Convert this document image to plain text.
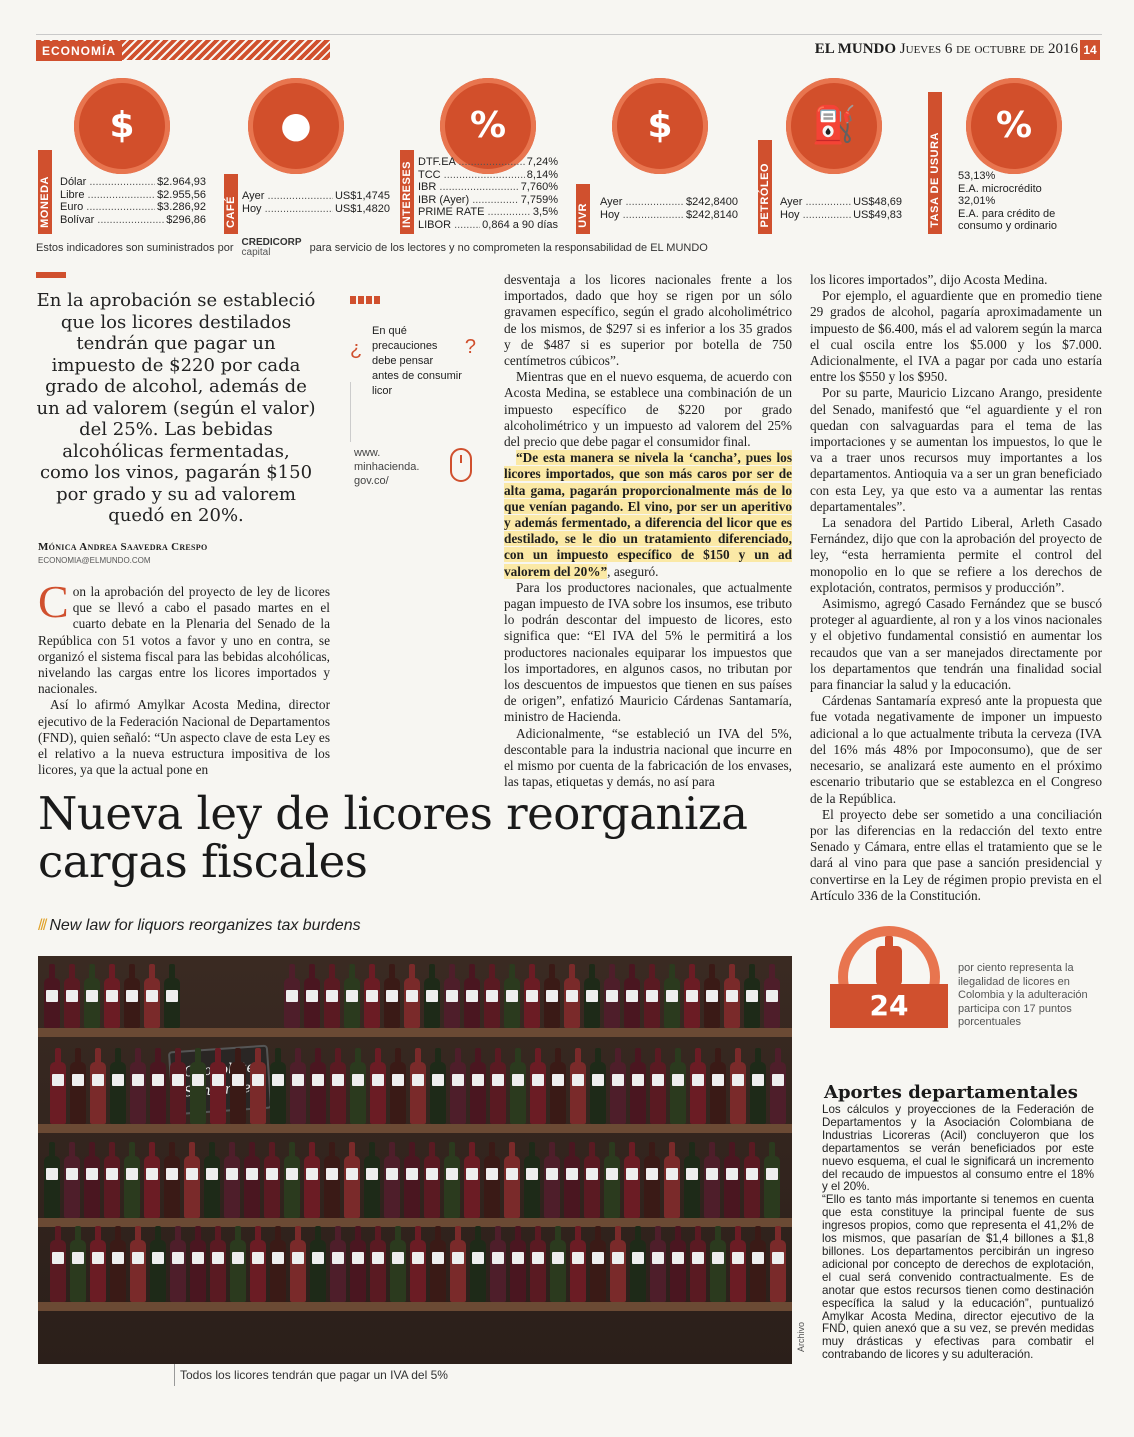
ECONOMÍA	EL MUNDO Jueves 6 de octubre de 2016 14
MONEDA
$
Dólar .....	$2.964,93
Libre .....	$2.955,56
Euro .....	$3.286,92
Bolívar .....	$296,86 CAFÉ
●
Ayer .....	US$1,4745
Hoy .....	US$1,4820 INTERESES
%
DTF.EA .....	7,24%
TCC .....	8,14%
IBR .....	7,760%
IBR (Ayer) .....	7,759%
PRIME RATE .....	3,5%
LIBOR .....	0,864 a 90 días UVR
$
Ayer .....	$242,8400
Hoy .....	$242,8140 PETRÓLEO
⛽
Ayer .....	US$48,69
Hoy .....	US$49,83 TASA DE USURA
%
53,13%
E.A. microcrédito
32,01%
E.A. para crédito de
consumo y ordinario
Estos indicadores son suministrados por CREDICORP
capital	para servicio de los lectores y no comprometen la responsabilidad de EL MUNDO
En la aprobación se estableció que los licores destilados tendrán que pagar un impuesto de $220 por cada grado de alcohol, además de un ad valorem (según el valor) del 25%. Las bebidas alcohólicas fermentadas, como los vinos, pagarán $150 por grado y su ad valorem quedó en 20%.
¿
En qué precauciones debe pensar antes de consumir licor
?
www.
minhacienda.
gov.co/
Mónica Andrea Saavedra Crespo
ECONOMIA@ELMUNDO.COM

Con la aprobación del proyecto de ley de licores que se llevó a cabo el pasado martes en el cuarto debate en la Plenaria del Senado de la República con 51 votos a favor y uno en contra, se organizó el sistema fiscal para las bebidas alcohólicas, nivelando las cargas entre los licores importados y nacionales.

Así lo afirmó Amylkar Acosta Medina, director ejecutivo de la Federación Nacional de Departamentos (FND), quien señaló: “Un aspecto clave de esta Ley es el relativo a la nueva estructura impositiva de los licores, ya que la actual pone en

desventaja a los licores nacionales frente a los importados, dado que hoy se rigen por un sólo gravamen específico, según el grado alcoholimétrico de los mismos, de $297 si es inferior a los 35 grados y de $487 si es superior por botella de 750 centímetros cúbicos”.

Mientras que en el nuevo esquema, de acuerdo con Acosta Medina, se establece una combinación de un impuesto específico de $220 por grado alcoholimétrico y un impuesto ad valorem del 25% del precio que debe pagar el consumidor final.

“De esta manera se nivela la ‘cancha’, pues los licores importados, que son más caros por ser de alta gama, pagarán proporcionalmente más de lo que venían pagando. El vino, por ser un aperitivo y además fermentado, a diferencia del licor que es destilado, se le dio un tratamiento diferenciado, con un impuesto específico de $150 y un ad valorem del 20%”, aseguró.

Para los productores nacionales, que actualmente pagan impuesto de IVA sobre los insumos, ese tributo lo podrán descontar del impuesto de licores, esto significa que: “El IVA del 5% le permitirá a los productores nacionales equiparar los impuestos que los importadores, en algunos casos, no tributan por los descuentos de impuestos que tienen en sus países de origen”, enfatizó Mauricio Cárdenas Santamaría, ministro de Hacienda.

Adicionalmente, “se estableció un IVA del 5%, descontable para la industria nacional que incurre en el mismo por cuenta de la fabricación de los envases, las tapas, etiquetas y demás, no así para

los licores importados”, dijo Acosta Medina.

Por ejemplo, el aguardiente que en promedio tiene 29 grados de alcohol, pagaría aproximadamente un impuesto de $6.400, más el ad valorem según la marca el cual oscila entre los $5.000 y los $7.000. Adicionalmente, el IVA a pagar por cada uno estaría entre los $550 y los $950.

Por su parte, Mauricio Lizcano Arango, presidente del Senado, manifestó que “el aguardiente y el ron quedan con salvaguardas para el tema de las importaciones y se aumentan los impuestos, lo que le va a traer unos recursos muy importantes a los departamentos. Antioquia va a ser un gran beneficiado con esta Ley, ya que esto va a aumentar las rentas departamentales”.

La senadora del Partido Liberal, Arleth Casado Fernández, dijo que con la aprobación del proyecto de ley, “esta herramienta permite el control del monopolio en lo que se refiere a los derechos de explotación, contratos, permisos y producción”.

Asimismo, agregó Casado Fernández que se buscó proteger al aguardiente, al ron y a los vinos nacionales y el objetivo fundamental consistió en aumentar los recaudos que van a ser manejados directamente por los departamentos que tendrán una finalidad social para financiar la salud y la educación.

Cárdenas Santamaría expresó ante la propuesta que fue votada negativamente de imponer un impuesto adicional a lo que actualmente tributa la cerveza (IVA del 16% más 48% por Impoconsumo), que de ser necesario, se analizará este aumento en el próximo escenario tributario que se establezca en el Congreso de la República.

El proyecto debe ser sometido a una conciliación por las diferencias en la redacción del texto entre Senado y Cámara, entre ellas el tratamiento que se le dará al vino para que pase a sanción presidencial y convertirse en la Ley de régimen propio prevista en el Artículo 336 de la Constitución.

Nueva ley de licores reorganiza cargas fiscales
/// New law for liquors reorganizes tax burdens
Archivo
Todos los licores tendrán que pagar un IVA del 5%
24
por ciento representa la ilegalidad de licores en Colombia y la adulteración participa con 17 puntos porcentuales
Aportes departamentales

Los cálculos y proyecciones de la Federación de Departamentos y la Asociación Colombiana de Industrias Licoreras (Acil) concluyeron que los departamentos se verán beneficiados por este nuevo esquema, el cual le significará un incremento del recaudo de impuestos al consumo entre el 18% y el 20%.

“Ello es tanto más importante si tenemos en cuenta que esta constituye la principal fuente de sus ingresos propios, como que representa el 41,2% de los mismos, que pasarían de $1,4 billones a $1,8 billones. Los departamentos percibirán un ingreso adicional por concepto de derechos de explotación, el cual será convenido contractualmente. Es de anotar que estos recursos tienen como destinación específica la salud y la educación”, puntualizó Amylkar Acosta Medina, director ejecutivo de la FND, quien anexó que a su vez, se prevén medidas muy drásticas y efectivas para combatir el contrabando de licores y su adulteración.
